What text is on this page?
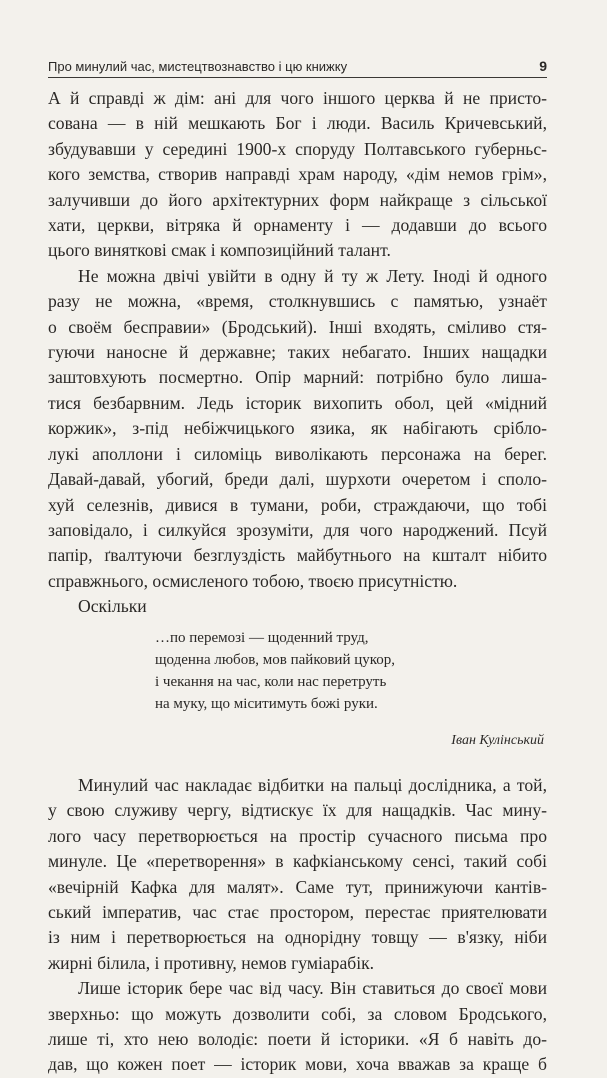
Про минулий час, мистецтвознавство і цю книжку	9

А й справді ж дім: ані для чого іншого церква й не присто-

сована — в ній мешкають Бог і люди. Василь Кричевський,

збудувавши у середині 1900-х споруду Полтавського губерньс-

кого земства, створив направді храм народу, «дім немов грім»,

залучивши до його архітектурних форм найкраще з сільської

хати, церкви, вітряка й орнаменту і — додавши до всього

цього виняткові смак і композиційний талант.

Не можна двічі увійти в одну й ту ж Лету. Іноді й одного

разу не можна, «время, столкнувшись с памятью, узнаёт

о своём бесправии» (Бродський). Інші входять, сміливо стя-

гуючи наносне й державне; таких небагато. Інших нащадки

заштовхують посмертно. Опір марний: потрібно було лиша-

тися безбарвним. Ледь історик вихопить обол, цей «мідний

коржик», з-під небіжчицького язика, як набігають срібло-

лукі аполлони і силоміць виволікають персонажа на берег.

Давай-давай, убогий, бреди далі, шурхоти очеретом і споло-

хуй селезнів, дивися в тумани, роби, страждаючи, що тобі

заповідало, і силкуйся зрозуміти, для чого народжений. Псуй

папір, ґвалтуючи безглуздість майбутнього на кшталт нібито

справжнього, осмисленого тобою, твоєю присутністю.

Оскільки

…по перемозі — щоденний труд,
щоденна любов, мов пайковий цукор,
і чекання на час, коли нас перетруть
на муку, що міситимуть божі руки.
Іван Кулінський

Минулий час накладає відбитки на пальці дослідника, а той,

у свою служиву чергу, відтискує їх для нащадків. Час мину-

лого часу перетворюється на простір сучасного письма про

минуле. Це «перетворення» в кафкіанському сенсі, такий собі

«вечірній Кафка для малят». Саме тут, принижуючи кантів-

ський імператив, час стає простором, перестає приятелювати

із ним і перетворюється на однорідну товщу — в'язку, ніби

жирні білила, і противну, немов гуміарабік.

Лише історик бере час від часу. Він ставиться до своєї мови

зверхньо: що можуть дозволити собі, за словом Бродського,

лише ті, хто нею володіє: поети й історики. «Я б навіть до-

дав, що кожен поет — історик мови, хоча вважав за краще б
